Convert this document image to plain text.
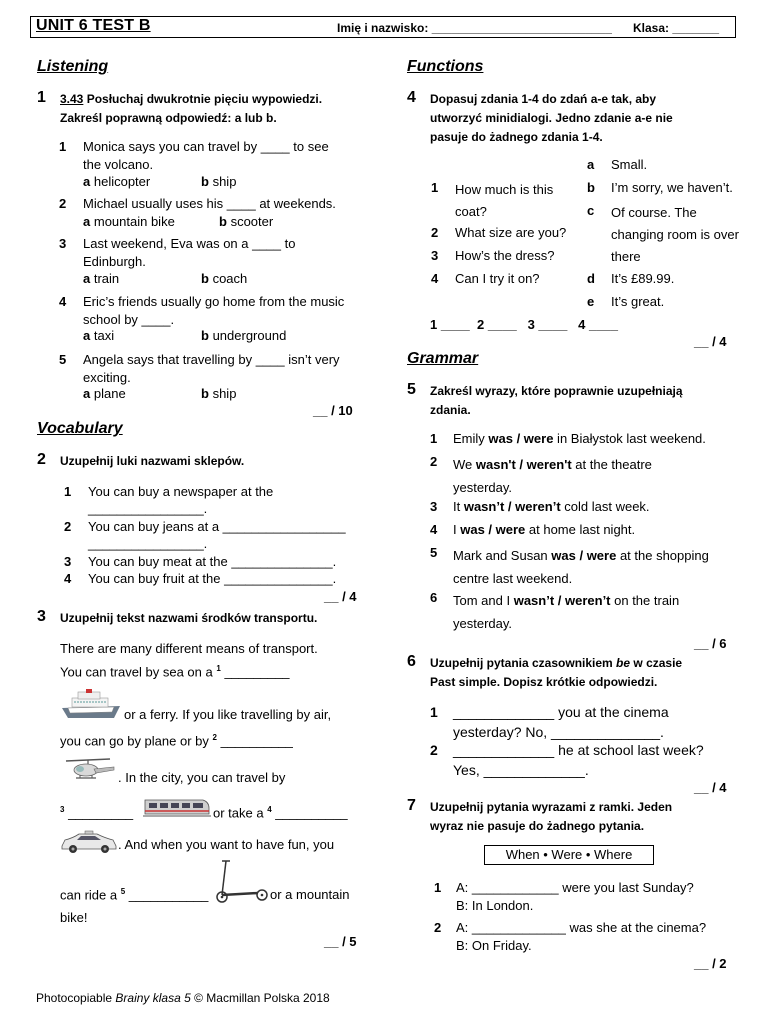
UNIT 6 TEST B	Imię i nazwisko: ___________________________ Klasa: _______
Listening
1 3.43 Posłuchaj dwukrotnie pięciu wypowiedzi.
Zakreśl poprawną odpowiedź: a lub b.
1 Monica says you can travel by ____ to see
the volcano.
a helicopter	b ship
2 Michael usually uses his ____ at weekends.
a mountain bike	b scooter
3 Last weekend, Eva was on a ____ to
Edinburgh.
a train	b coach
4 Eric’s friends usually go home from the music
school by ____.
a taxi	b underground
5 Angela says that travelling by ____ isn’t very
exciting.
a plane	b ship
__ / 10
Vocabulary
2 Uzupełnij luki nazwami sklepów.
1 You can buy a newspaper at the
________________.
2 You can buy jeans at a _________________
________________.
3 You can buy meat at the ______________.
4 You can buy fruit at the _______________.
__ / 4
3 Uzupełnij tekst nazwami środków transportu.
There are many different means of transport.
You can travel by sea on a $^1$ _________
or a ferry. If you like travelling by air,
you can go by plane or by $^2$ __________
. In the city, you can travel by
$^3$ _________	or take a $^4$ __________
. And when you want to have fun, you
can ride a $^5$ ___________	or a mountain
bike!
__ / 5
Functions
4 Dopasuj zdania 1-4 do zdań a-e tak, aby
utworzyć minidialogi. Jedno zdanie a-e nie
pasuje do żadnego zdania 1-4.
a Small.
b I’m sorry, we haven’t.
c Of course. The
changing room is over
there
d It’s £89.99.
e It’s great.
1 How much is this
coat?
2 What size are you?
3 How’s the dress?
4 Can I try it on?
1 ____  2 ____   3 ____   4 ____
__ / 4
Grammar
5 Zakreśl wyrazy, które poprawnie uzupełniają
zdania.
1 Emily was / were in Białystok last weekend.
2 We wasn't / weren't at the theatre
yesterday.
3 It wasn’t / weren’t cold last week.
4 I was / were at home last night.
5 Mark and Susan was / were at the shopping
centre last weekend.
6 Tom and I wasn’t / weren’t on the train
yesterday.
__ / 6
6 Uzupełnij pytania czasownikiem be w czasie
Past simple. Dopisz krótkie odpowiedzi.
1 _____________ you at the cinema
yesterday? No, ______________.
2 _____________ he at school last week?
Yes, _____________.
__ / 4
7 Uzupełnij pytania wyrazami z ramki. Jeden
wyraz nie pasuje do żadnego pytania.
When • Were • Where
1 A: ____________ were you last Sunday?
B: In London.
2 A: _____________ was she at the cinema?
B: On Friday.
__ / 2
Photocopiable Brainy klasa 5 © Macmillan Polska 2018
